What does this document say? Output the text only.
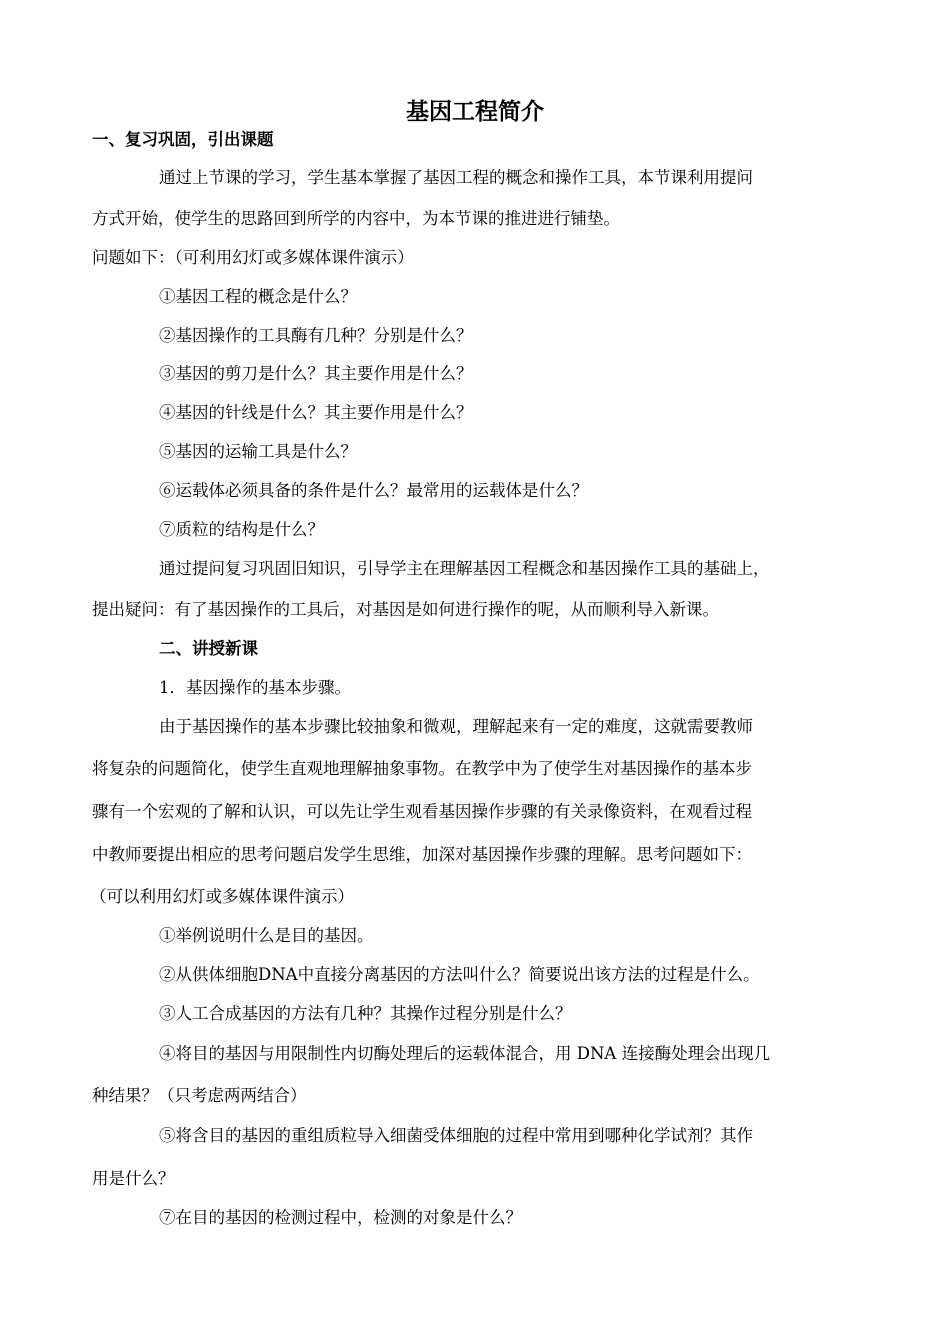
基因工程简介
一、复习巩固，引出课题
通过上节课的学习，学生基本掌握了基因工程的概念和操作工具，本节课利用提问
方式开始，使学生的思路回到所学的内容中，为本节课的推进进行铺垫。
问题如下：（可利用幻灯或多媒体课件演示）
①基因工程的概念是什么？
②基因操作的工具酶有几种？分别是什么？
③基因的剪刀是什么？其主要作用是什么？
④基因的针线是什么？其主要作用是什么？
⑤基因的运输工具是什么？
⑥运载体必须具备的条件是什么？最常用的运载体是什么？
⑦质粒的结构是什么？
通过提问复习巩固旧知识，引导学主在理解基因工程概念和基因操作工具的基础上，
提出疑问：有了基因操作的工具后，对基因是如何进行操作的呢，从而顺利导入新课。
二、讲授新课
1．基因操作的基本步骤。
由于基因操作的基本步骤比较抽象和微观，理解起来有一定的难度，这就需要教师
将复杂的问题简化，使学生直观地理解抽象事物。在教学中为了使学生对基因操作的基本步
骤有一个宏观的了解和认识，可以先让学生观看基因操作步骤的有关录像资料，在观看过程
中教师要提出相应的思考问题启发学生思维，加深对基因操作步骤的理解。思考问题如下：
（可以利用幻灯或多媒体课件演示）
①举例说明什么是目的基因。
②从供体细胞DNA中直接分离基因的方法叫什么？简要说出该方法的过程是什么。
③人工合成基因的方法有几种？其操作过程分别是什么？
④将目的基因与用限制性内切酶处理后的运载体混合，用 DNA 连接酶处理会出现几
种结果？（只考虑两两结合）
⑤将含目的基因的重组质粒导入细菌受体细胞的过程中常用到哪种化学试剂？其作
用是什么？
⑦在目的基因的检测过程中，检测的对象是什么？
